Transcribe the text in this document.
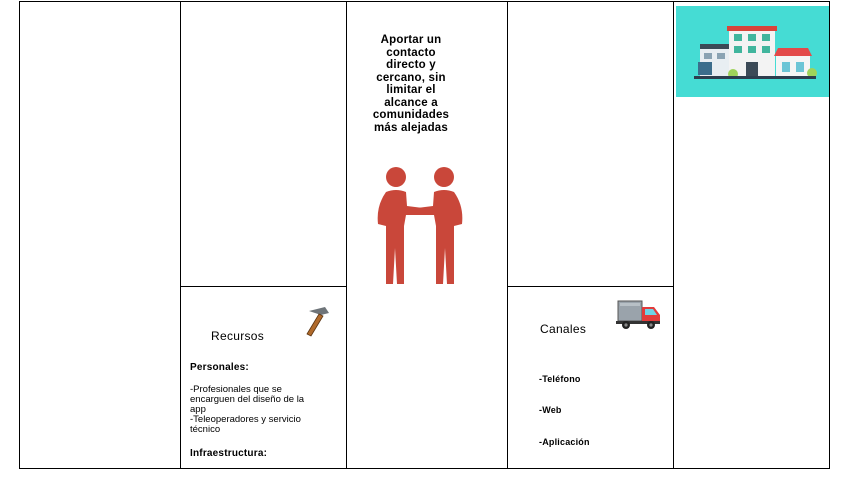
Aportar un
contacto
directo y
cercano, sin
limitar el
alcance a
comunidades
más alejadas
Recursos
Personales:
-Profesionales que se
encarguen del diseño de la
app
-Teleoperadores y servicio
técnico
Infraestructura:
Canales
-Teléfono
-Web
-Aplicación
